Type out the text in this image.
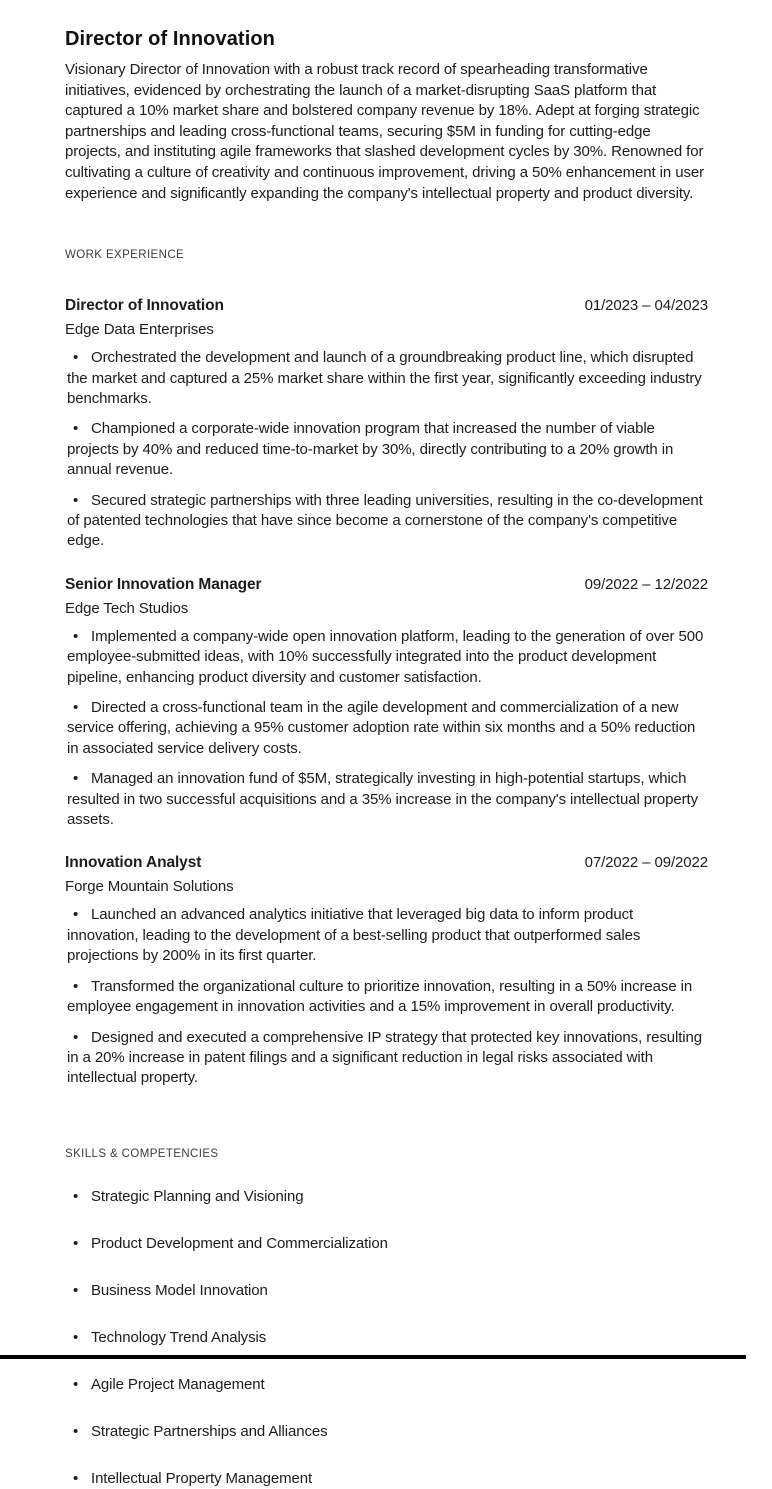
Director of Innovation

Visionary Director of Innovation with a robust track record of spearheading transformative initiatives, evidenced by orchestrating the launch of a market-disrupting SaaS platform that captured a 10% market share and bolstered company revenue by 18%. Adept at forging strategic partnerships and leading cross-functional teams, securing $5M in funding for cutting-edge projects, and instituting agile frameworks that slashed development cycles by 30%. Renowned for cultivating a culture of creativity and continuous improvement, driving a 50% enhancement in user experience and significantly expanding the company's intellectual property and product diversity.

WORK EXPERIENCE
Director of Innovation	01/2023 – 04/2023
Edge Data Enterprises
• Orchestrated the development and launch of a groundbreaking product line, which disrupted the market and captured a 25% market share within the first year, significantly exceeding industry benchmarks.
• Championed a corporate-wide innovation program that increased the number of viable projects by 40% and reduced time-to-market by 30%, directly contributing to a 20% growth in annual revenue.
• Secured strategic partnerships with three leading universities, resulting in the co-development of patented technologies that have since become a cornerstone of the company's competitive edge.
Senior Innovation Manager	09/2022 – 12/2022
Edge Tech Studios
• Implemented a company-wide open innovation platform, leading to the generation of over 500 employee-submitted ideas, with 10% successfully integrated into the product development pipeline, enhancing product diversity and customer satisfaction.
• Directed a cross-functional team in the agile development and commercialization of a new service offering, achieving a 95% customer adoption rate within six months and a 50% reduction in associated service delivery costs.
• Managed an innovation fund of $5M, strategically investing in high-potential startups, which resulted in two successful acquisitions and a 35% increase in the company's intellectual property assets.
Innovation Analyst	07/2022 – 09/2022
Forge Mountain Solutions
• Launched an advanced analytics initiative that leveraged big data to inform product innovation, leading to the development of a best-selling product that outperformed sales projections by 200% in its first quarter.
• Transformed the organizational culture to prioritize innovation, resulting in a 50% increase in employee engagement in innovation activities and a 15% improvement in overall productivity.
• Designed and executed a comprehensive IP strategy that protected key innovations, resulting in a 20% increase in patent filings and a significant reduction in legal risks associated with intellectual property.
SKILLS & COMPETENCIES
• Strategic Planning and Visioning
• Product Development and Commercialization
• Business Model Innovation
• Technology Trend Analysis
• Agile Project Management
• Strategic Partnerships and Alliances
• Intellectual Property Management
